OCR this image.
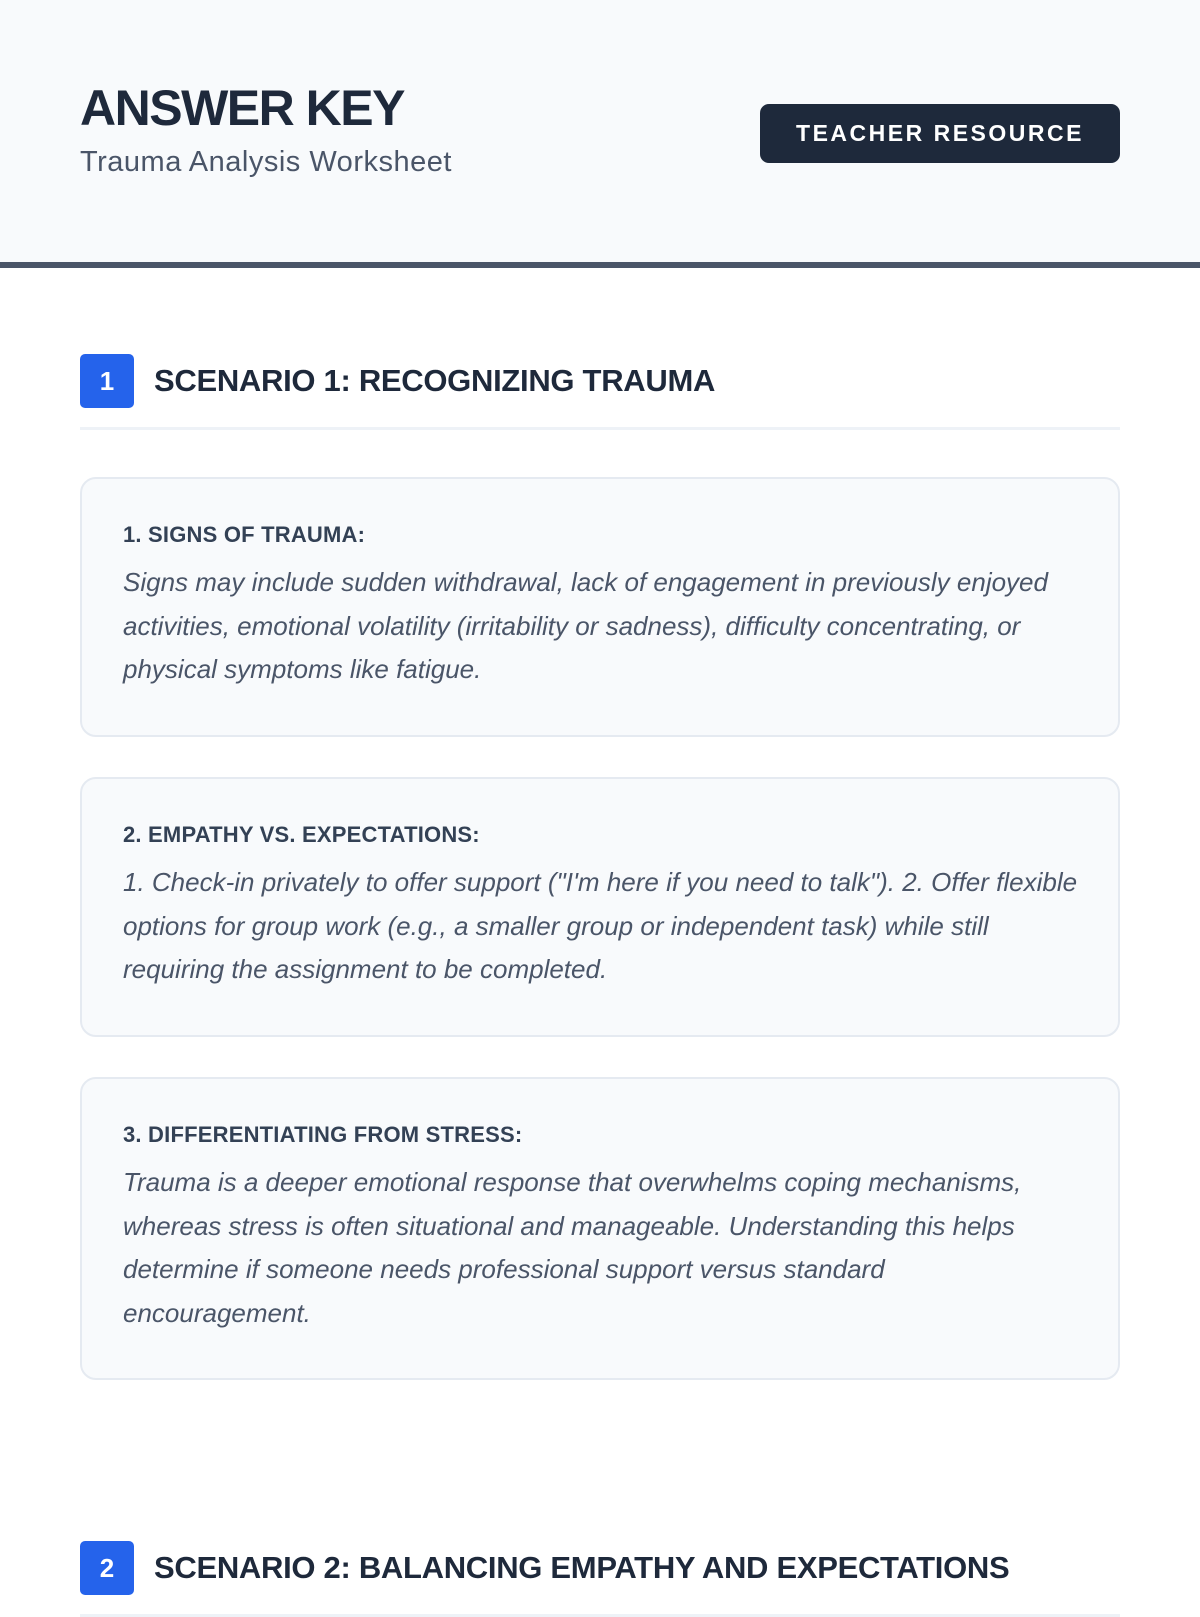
ANSWER KEY
Trauma Analysis Worksheet
TEACHER RESOURCE
1	SCENARIO 1: RECOGNIZING TRAUMA
1. SIGNS OF TRAUMA:

Signs may include sudden withdrawal, lack of engagement in previously enjoyed activities, emotional volatility (irritability or sadness), difficulty concentrating, or physical symptoms like fatigue.

2. EMPATHY VS. EXPECTATIONS:

1. Check-in privately to offer support ("I'm here if you need to talk"). 2. Offer flexible options for group work (e.g., a smaller group or independent task) while still requiring the assignment to be completed.

3. DIFFERENTIATING FROM STRESS:

Trauma is a deeper emotional response that overwhelms coping mechanisms, whereas stress is often situational and manageable. Understanding this helps determine if someone needs professional support versus standard encouragement.

2	SCENARIO 2: BALANCING EMPATHY AND EXPECTATIONS
